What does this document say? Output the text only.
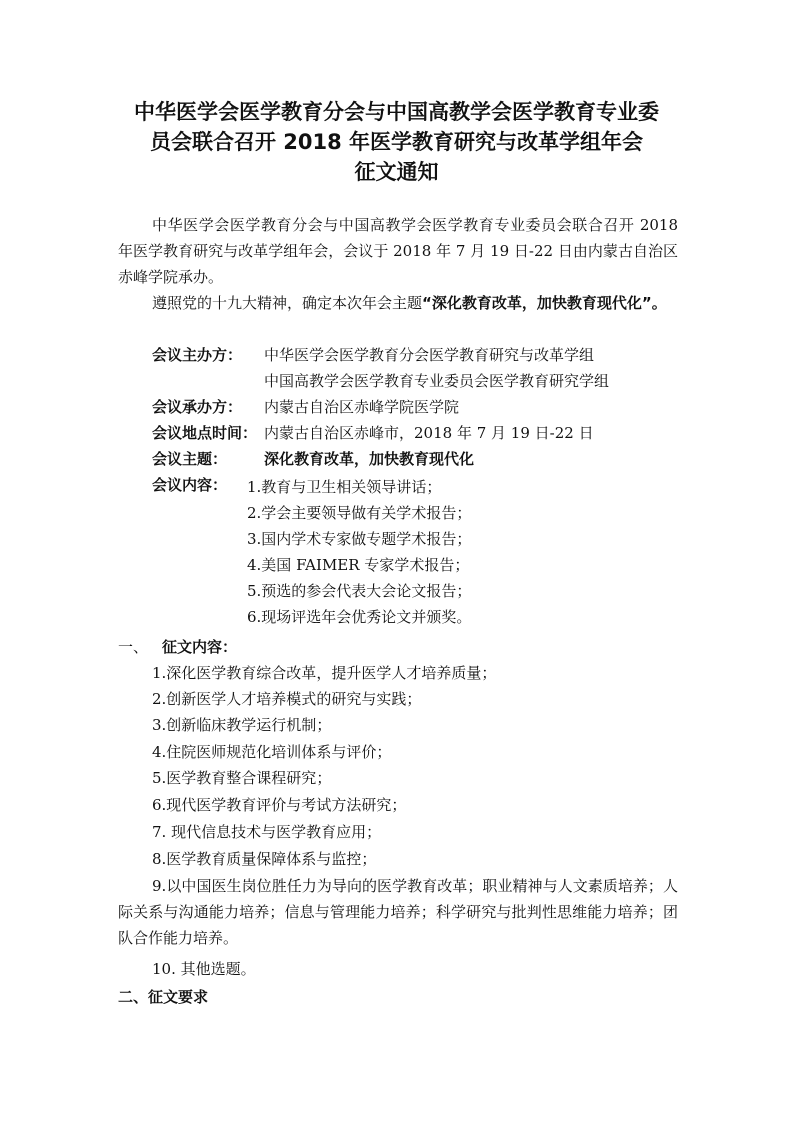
中华医学会医学教育分会与中国高教学会医学教育专业委
员会联合召开 2018 年医学教育研究与改革学组年会
征文通知

中华医学会医学教育分会与中国高教学会医学教育专业委员会联合召开 2018 年医学教育研究与改革学组年会，会议于 2018 年 7 月 19 日-22 日由内蒙古自治区赤峰学院承办。

遵照党的十九大精神，确定本次年会主题“深化教育改革，加快教育现代化”。

会议主办方： 中华医学会医学教育分会医学教育研究与改革学组
中国高教学会医学教育专业委员会医学教育研究学组
会议承办方： 内蒙古自治区赤峰学院医学院
会议地点时间： 内蒙古自治区赤峰市，2018 年 7 月 19 日-22 日
会议主题： 深化教育改革，加快教育现代化
会议内容：	1.教育与卫生相关领导讲话；
2.学会主要领导做有关学术报告；
3.国内学术专家做专题学术报告；
4.美国 FAIMER 专家学术报告；
5.预选的参会代表大会论文报告；
6.现场评选年会优秀论文并颁奖。
一、 征文内容：
1.深化医学教育综合改革，提升医学人才培养质量；
2.创新医学人才培养模式的研究与实践；
3.创新临床教学运行机制；
4.住院医师规范化培训体系与评价；
5.医学教育整合课程研究；
6.现代医学教育评价与考试方法研究；
7. 现代信息技术与医学教育应用；
8.医学教育质量保障体系与监控；
9.以中国医生岗位胜任力为导向的医学教育改革；职业精神与人文素质培养；人际关系与沟通能力培养；信息与管理能力培养；科学研究与批判性思维能力培养；团队合作能力培养。
10. 其他选题。
二、征文要求
